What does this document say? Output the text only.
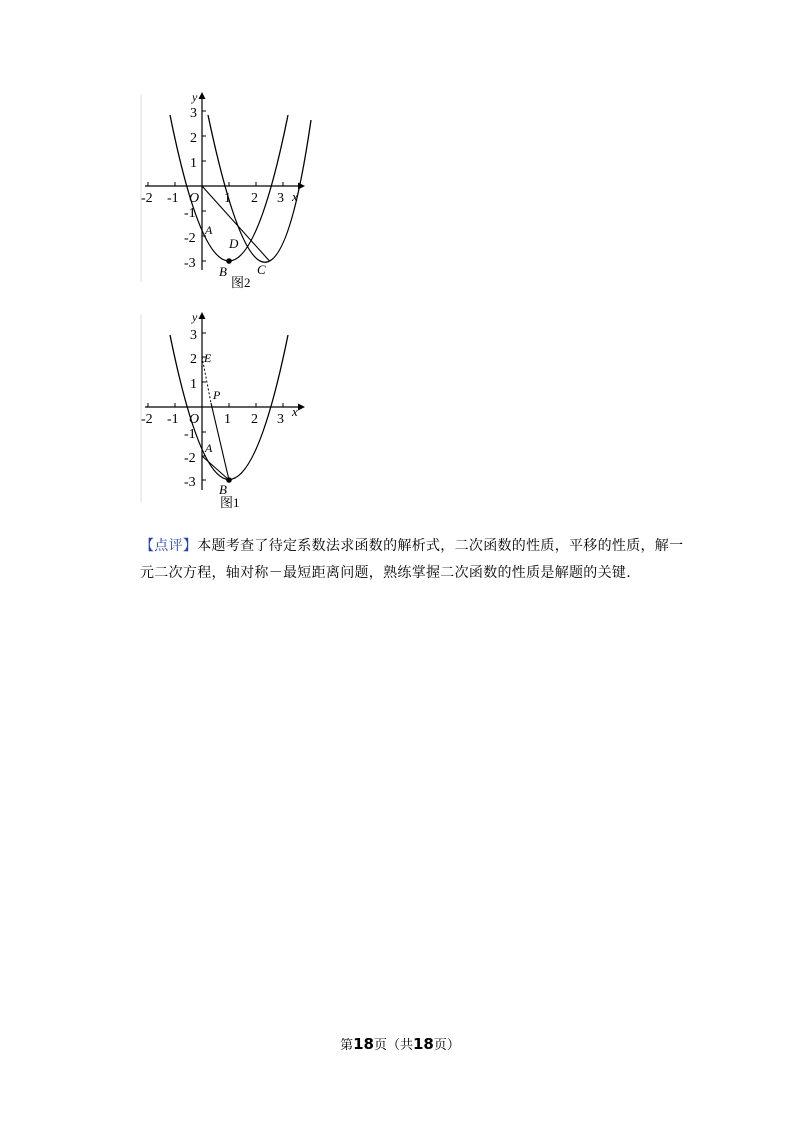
-2 -1 O 1 2 3 x
y
3
2
1
-1
-2
-3
A
D
B C
图2
-2 -1 O 1 2 3
x
y
3
2
1
-1
-2
-3
E
P
A
B
图1
【点评】本题考查了待定系数法求函数的解析式，二次函数的性质，平移的性质，解一元二次方程，轴对称－最短距离问题，熟练掌握二次函数的性质是解题的关键.
第18页（共18页）
